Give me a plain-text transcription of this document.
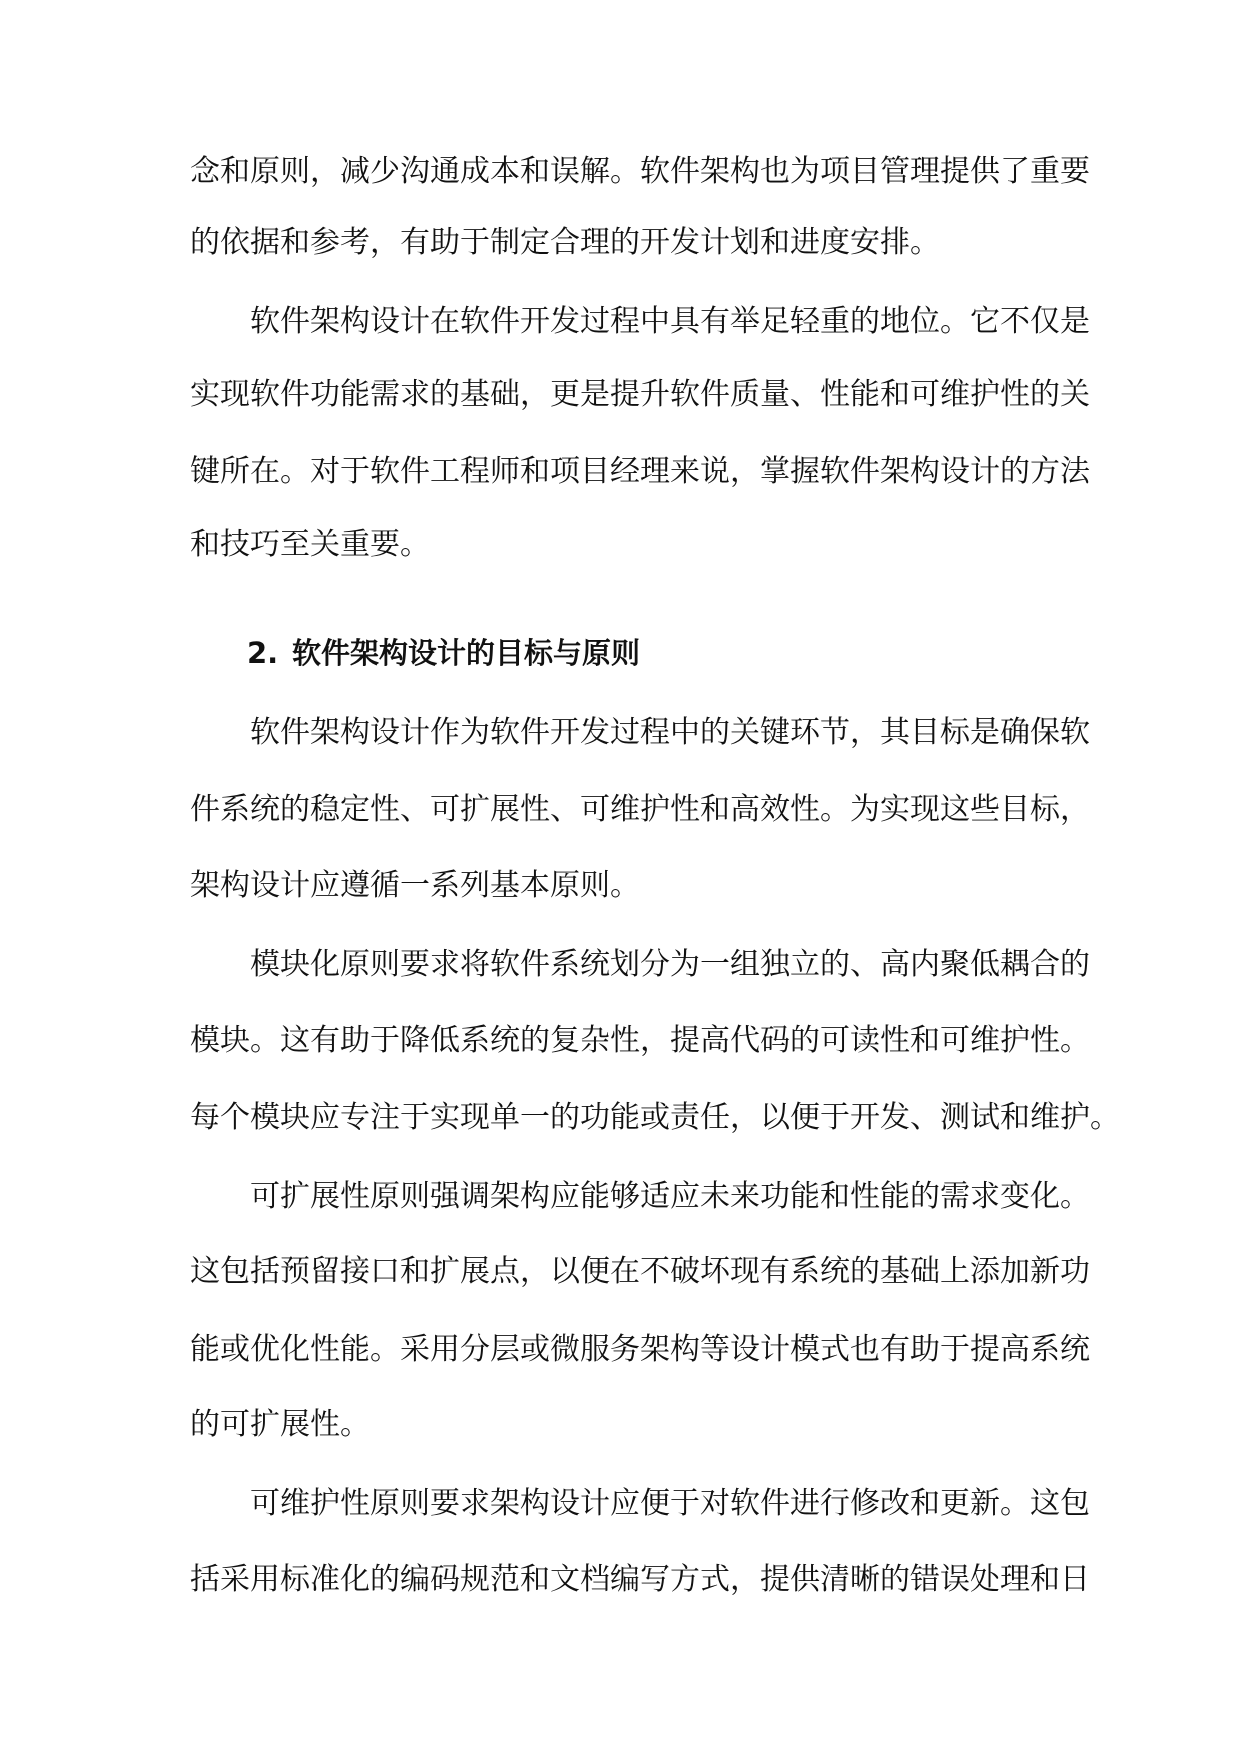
念和原则，减少沟通成本和误解。软件架构也为项目管理提供了重要
的依据和参考，有助于制定合理的开发计划和进度安排。
软件架构设计在软件开发过程中具有举足轻重的地位。它不仅是
实现软件功能需求的基础，更是提升软件质量、性能和可维护性的关
键所在。对于软件工程师和项目经理来说，掌握软件架构设计的方法
和技巧至关重要。
2. 软件架构设计的目标与原则
软件架构设计作为软件开发过程中的关键环节，其目标是确保软
件系统的稳定性、可扩展性、可维护性和高效性。为实现这些目标，
架构设计应遵循一系列基本原则。
模块化原则要求将软件系统划分为一组独立的、高内聚低耦合的
模块。这有助于降低系统的复杂性，提高代码的可读性和可维护性。
每个模块应专注于实现单一的功能或责任，以便于开发、测试和维护。
可扩展性原则强调架构应能够适应未来功能和性能的需求变化。
这包括预留接口和扩展点，以便在不破坏现有系统的基础上添加新功
能或优化性能。采用分层或微服务架构等设计模式也有助于提高系统
的可扩展性。
可维护性原则要求架构设计应便于对软件进行修改和更新。这包
括采用标准化的编码规范和文档编写方式，提供清晰的错误处理和日
